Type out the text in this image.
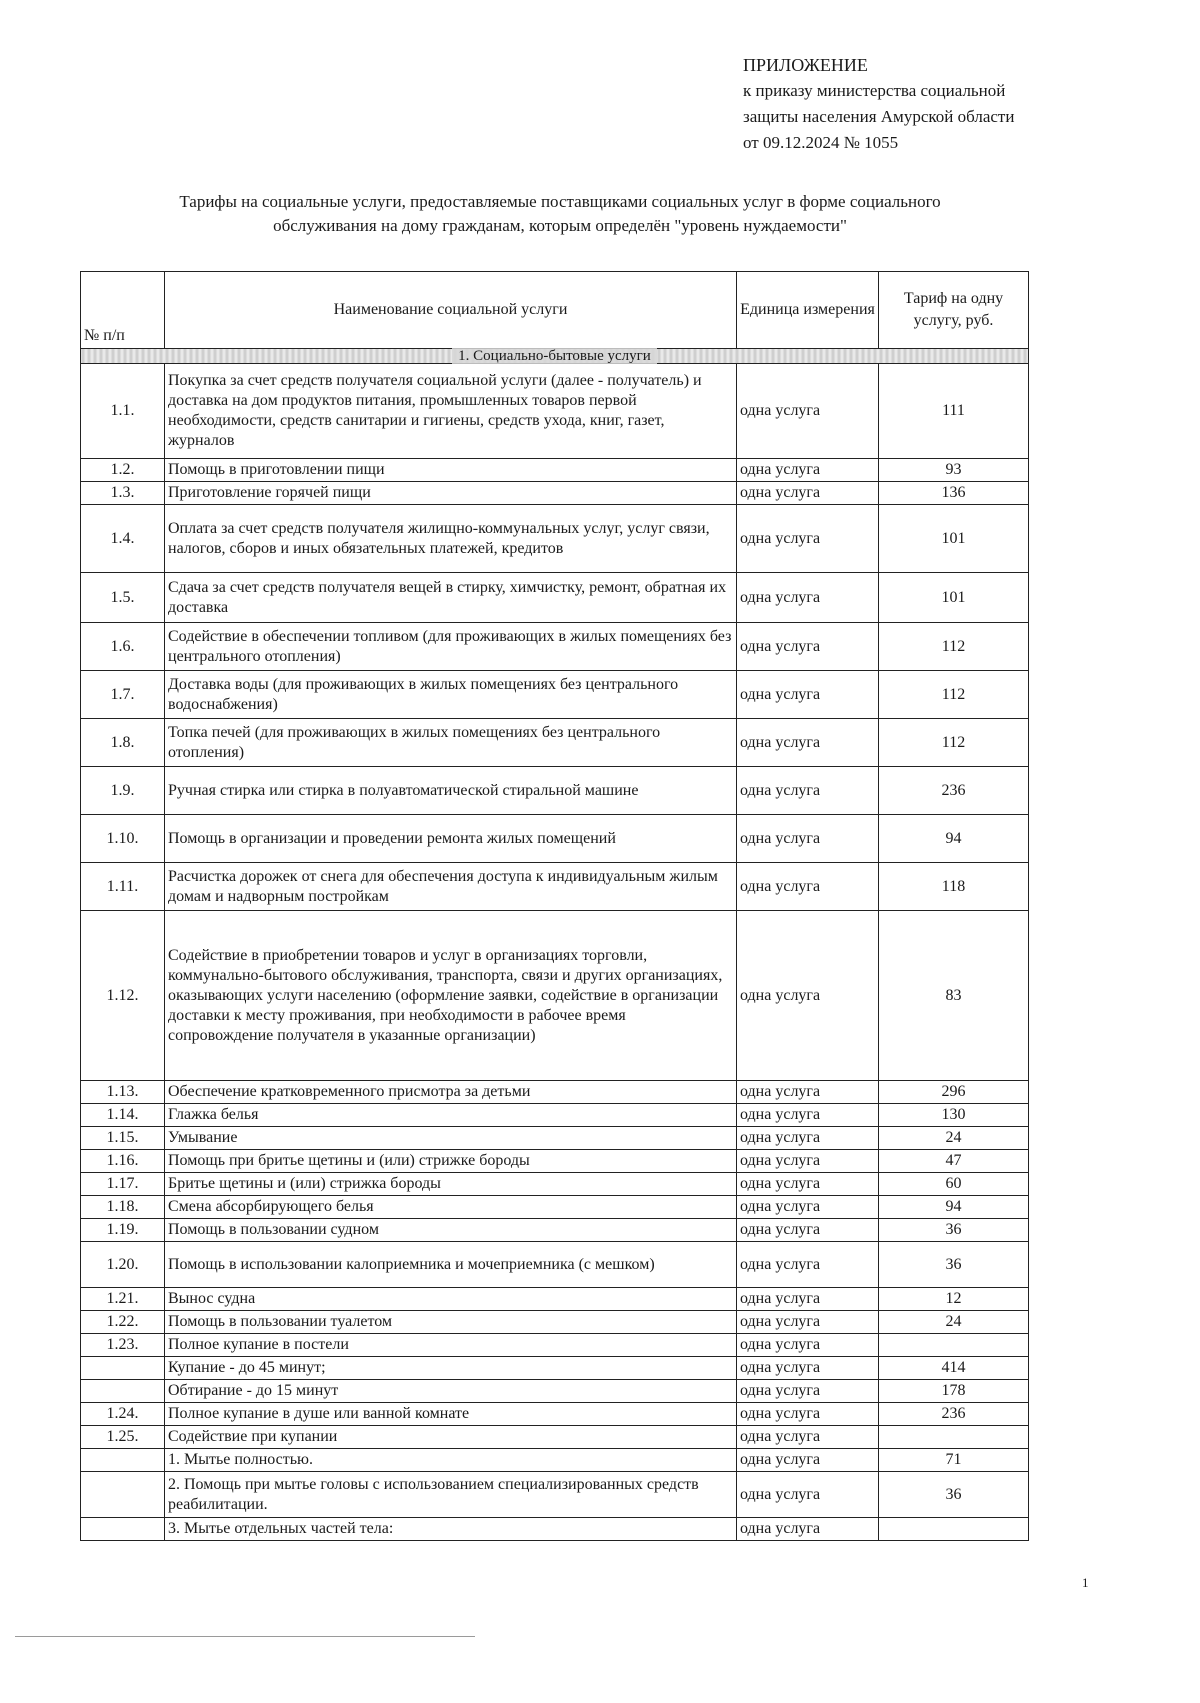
ПРИЛОЖЕНИЕ
к приказу министерства социальной
защиты населения Амурской области
от 09.12.2024 № 1055
Тарифы на социальные услуги, предоставляемые поставщиками социальных услуг в форме социального
обслуживания на дому гражданам, которым определён "уровень нуждаемости"
№ п/п	Наименование социальной услуги	Единица измерения	Тариф на одну услугу, руб.
1. Социально-бытовые услуги			
1.1.	Покупка за счет средств получателя социальной услуги (далее - получатель) и доставка на дом продуктов питания, промышленных товаров первой необходимости, средств санитарии и гигиены, средств ухода, книг, газет, журналов	одна услуга	111
1.2.	Помощь в приготовлении пищи	одна услуга	93
1.3.	Приготовление горячей пищи	одна услуга	136
1.4.	Оплата за счет средств получателя жилищно-коммунальных услуг, услуг связи, налогов, сборов и иных обязательных платежей, кредитов	одна услуга	101
1.5.	Сдача за счет средств получателя вещей в стирку, химчистку, ремонт, обратная их доставка	одна услуга	101
1.6.	Содействие в обеспечении топливом (для проживающих в жилых помещениях без центрального отопления)	одна услуга	112
1.7.	Доставка воды (для проживающих в жилых помещениях без центрального водоснабжения)	одна услуга	112
1.8.	Топка печей (для проживающих в жилых помещениях без центрального отопления)	одна услуга	112
1.9.	Ручная стирка или стирка в полуавтоматической стиральной машине	одна услуга	236
1.10.	Помощь в организации и проведении ремонта жилых помещений	одна услуга	94
1.11.	Расчистка дорожек от снега для обеспечения доступа к индивидуальным жилым домам и надворным постройкам	одна услуга	118
1.12.	Содействие в приобретении товаров и услуг в организациях торговли, коммунально-бытового обслуживания, транспорта, связи и других организациях, оказывающих услуги населению (оформление заявки, содействие в организации доставки к месту проживания, при необходимости в рабочее время сопровождение получателя в указанные организации)	одна услуга	83
1.13.	Обеспечение кратковременного присмотра за детьми	одна услуга	296
1.14.	Глажка белья	одна услуга	130
1.15.	Умывание	одна услуга	24
1.16.	Помощь при бритье щетины и (или) стрижке бороды	одна услуга	47
1.17.	Бритье щетины и (или) стрижка бороды	одна услуга	60
1.18.	Смена абсорбирующего белья	одна услуга	94
1.19.	Помощь в пользовании судном	одна услуга	36
1.20.	Помощь в использовании калоприемника и мочеприемника (с мешком)	одна услуга	36
1.21.	Вынос судна	одна услуга	12
1.22.	Помощь в пользовании туалетом	одна услуга	24
1.23.	Полное купание в постели	одна услуга	
	Купание - до 45 минут;	одна услуга	414
	Обтирание - до 15 минут	одна услуга	178
1.24.	Полное купание в душе или ванной комнате	одна услуга	236
1.25.	Содействие при купании	одна услуга	
	1. Мытье полностью.	одна услуга	71
	2. Помощь при мытье головы с использованием специализированных средств реабилитации.	одна услуга	36
	3. Мытье отдельных частей тела:	одна услуга	
1
